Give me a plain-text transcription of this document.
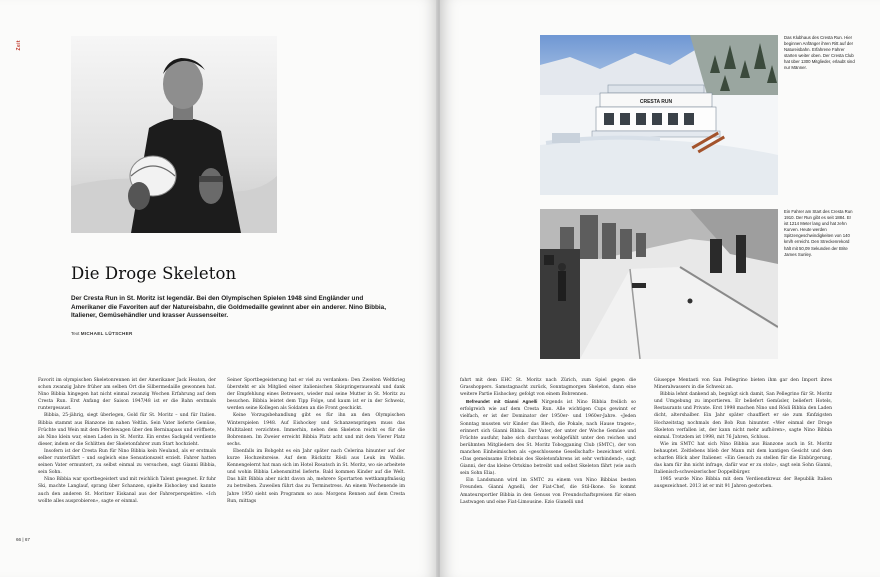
Zeit
Die Droge Skeleton

Der Cresta Run in St. Moritz ist legendär. Bei den Olympischen Spielen 1948 sind Engländer und Amerikaner die Favoriten auf der Natureisbahn, die Goldmedaille gewinnt aber ein anderer. Nino Bibbia, Italiener, Gemüsehändler und krasser Aussenseiter.

Text MICHAEL LÜTSCHER

Favorit im olympischen Skeletonrennen ist der Amerikaner Jack Heaton, der schon zwanzig Jahre früher am selben Ort die Silbermedaille gewonnen hat. Nino Bibbia hingegen hat nicht einmal zwanzig Wochen Erfahrung auf dem Cresta Run. Erst Anfang der Saison 1947/48 ist er die Bahn erstmals runtergesaust.

Bibbia, 25-jährig, siegt überlegen, Gold für St. Moritz – und für Italien. Bibbia stammt aus Bianzone im nahen Veltlin. Sein Vater lieferte Gemüse, Früchte und Wein mit dem Pferdewagen über den Berninapass und eröffnete, als Nino klein war, einen Laden in St. Moritz. Ein erstes Sackgeld verdiente dieser, indem er die Schlitten der Skeletonfahrer zum Start hochzieht.

Insofern ist der Cresta Run für Nino Bibbia kein Neuland, als er erstmals selber runterfährt – und sogleich eine Sensationszeit erzielt. Fahrer hatten seinen Vater ermuntert, zu selbst einmal zu versuchen, sagt Gianni Bibbia, sein Sohn.

Nino Bibbia war sportbegeistert und mit reichlich Talent gesegnet. Er fuhr Ski, machte Langlauf, sprang über Schanzen, spielte Eishockey und kannte auch den anderen St. Moritzer Eiskanal aus der Fahrerperspektive. «Ich wollte alles ausprobieren», sagte er einmal.

Seiner Sportbegeisterung hat er viel zu verdanken: Den Zweiten Weltkrieg übersteht er als Mitglied einer italienischen Skispringerauswahl und dank der Empfehlung eines Betreuers, wieder mal seine Mutter in St. Moritz zu besuchen. Bibbia leistet dem Tipp Folge, und kaum ist er in der Schweiz, werden seine Kollegen als Soldaten an die Front geschickt.

Keine Vorzugsbehandlung gibt es für ihn an den Olympischen Winterspielen 1948. Auf Eishockey und Schanzenspringen muss das Multitalent verzichten. Immerhin, neben dem Skeleton reicht es für die Bobrennen. Im Zweier erreicht Bibbia Platz acht und mit dem Vierer Platz sechs.

Ebenfalls im Bobgeht es ein Jahr später nach Celerina hinunter auf der kurze Hochzeitsreise. Auf dem Rückzitz Rösli aus Leuk im Wallis. Kennengelernt hat man sich im Hotel Rosatsch in St. Moritz, wo sie arbeitete und wohin Bibbia Lebensmittel lieferte. Bald kommen Kinder auf die Welt. Das hält Bibbia aber nicht davon ab, mehrere Sportarten wettkampfmässig zu betreiben. Zuweilen führt das zu Terminstress. An einem Wochenende im Jahre 1950 sieht sein Programm so aus: Morgens Rennen auf dem Cresta Run, mittags

66 | 67
CRESTA RUN

Das Klubhaus des Cresta Run. Hier beginnen Anfänger ihren Ritt auf der Natureisbahn. Erfahrene Fahrer starten weiter oben. Der Cresta Club hat über 1300 Mitglieder, erlaubt sind nur Männer.

Ein Fahrer am Start des Cresta Run 1910. Der Run gibt es seit 1884. Er ist 1214 Meter lang und hat zehn Kurven. Heute werden Spitzengeschwindigkeiten von 140 km/h erreicht. Den Streckenrekord hält mit 50,09 Sekunden der Brite James Sunley.

fahrt mit dem EHC St. Moritz nach Zürich, zum Spiel gegen die Grasshoppers. Samstagnacht zurück, Sonntagmorgen Skeleton, dann eine weitere Partie Eishockey, gefolgt von einem Bobrennen.

Befreundet mit Gianni Agnelli Nirgends ist Nino Bibbia freilich so erfolgreich wie auf dem Cresta Run. Alle wichtigen Cups gewinnt er vielfach, er ist der Dominator der 1950er- und 1960er-Jahre. «Jeden Sonntag mussten wir Kinder das Blech, die Pokale, nach Hause tragen», erinnert sich Gianni Bibbia. Der Vater, der unter der Woche Gemüse und Früchte ausfuhr, habe sich durchaus wohlgefühlt unter den reichen und berühmten Mitgliedern des St. Moritz Tobogganing Club (SMTC), der von manchen Einheimischen als «geschlossene Gesellschaft» bezeichnet wird. «Das gemeinsame Erlebnis des Skeletonfahrens ist sehr verbindend», sagt Gianni, der das kleine Ortskino betreibt und selbst Skeleton fährt (wie auch sein Sohn Elia).

Ein Landsmann wird im SMTC zu einem von Nino Bibbias besten Freunden. Gianni Agnelli, der Fiat-Chef, die Stil-Ikone. So kommt Amateursportler Bibbia in den Genuss von Freundschaftspreisen für einen Lastwagen und eine Fiat-Limousine. Ezio Gianelli und

Giuseppe Mentasti von San Pellegrino bieten ihm gar den Import ihres Mineralwassers in die Schweiz an.

Bibbia lehnt dankend ab, begnügt sich damit, San Pellegrino für St. Moritz und Umgebung zu importieren. Er beliefert Gemüsler, beliefert Hotels, Restaurants und Private. Erst 1998 machen Nino und Rösli Bibbia den Laden dicht, altershalber. Ein Jahr später chauffiert er sie zum fünfzigsten Hochzeitstag nochmals den Bob Run hinunter. «Wer einmal der Droge Skeleton verfallen ist, der kann nicht mehr aufhören», sagte Nino Bibbia einmal. Trotzdem ist 1998, mit 76 Jahren, Schluss.

Wie im SMTC hat sich Nino Bibbia aus Bianzone auch in St. Moritz behauptet. Zeitlebens blieb der Mann mit dem kantigen Gesicht und dem scharfen Blick aber Italiener. «Ein Gesuch zu stellen für die Einbürgerung, das kam für ihn nicht infrage, dafür war er zu stolz», sagt sein Sohn Gianni, Italienisch-schweizerischer Doppelbürger.

1985 wurde Nino Bibbia mit dem Verdienstkreuz der Republik Italien ausgezeichnet. 2013 ist er mit 91 Jahren gestorben.
